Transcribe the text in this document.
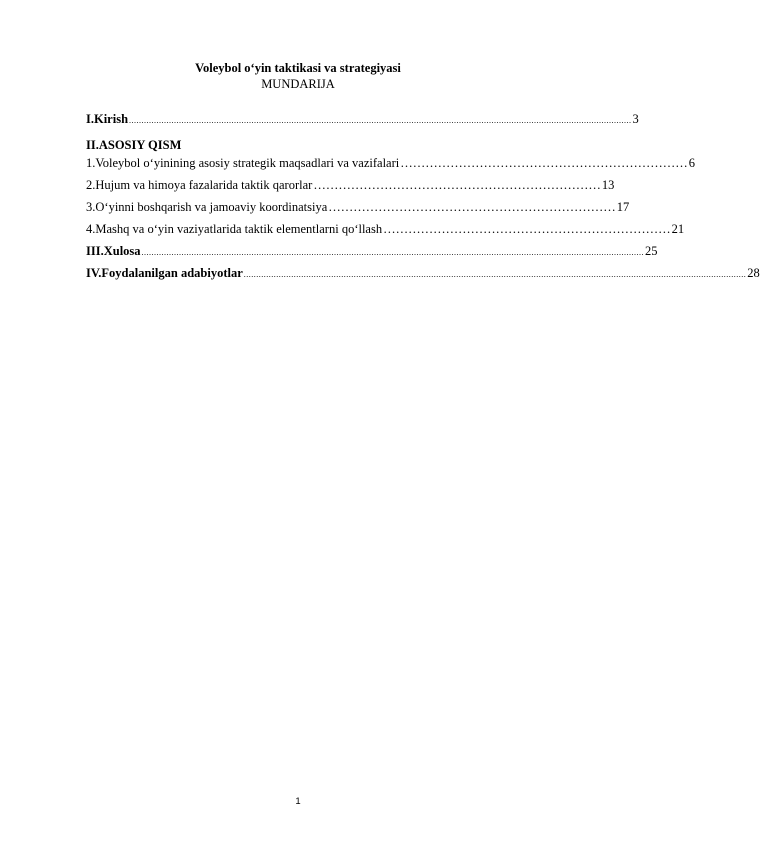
Voleybol o‘yin taktikasi va strategiyasi
MUNDARIJA
I.Kirish ......................................................................................................................................................................................................... 3
II.ASOSIY QISM
1. Voleybol o‘yinining asosiy strategik maqsadlari va vazifalari …………………………………………………………… 6
2. Hujum va himoya fazalarida taktik qarorlar …………………………………………………………… 13
3. O‘yinni boshqarish va jamoaviy koordinatsiya …………………………………………………………… 17
4. Mashq va o‘yin vaziyatlarida taktik elementlarni qo‘llash …………………………………………………………… 21
III.Xulosa ......................................................................................................................................................................................................... 25
IV.Foydalanilgan adabiyotlar ......................................................................................................................................................................................................... 28
1
